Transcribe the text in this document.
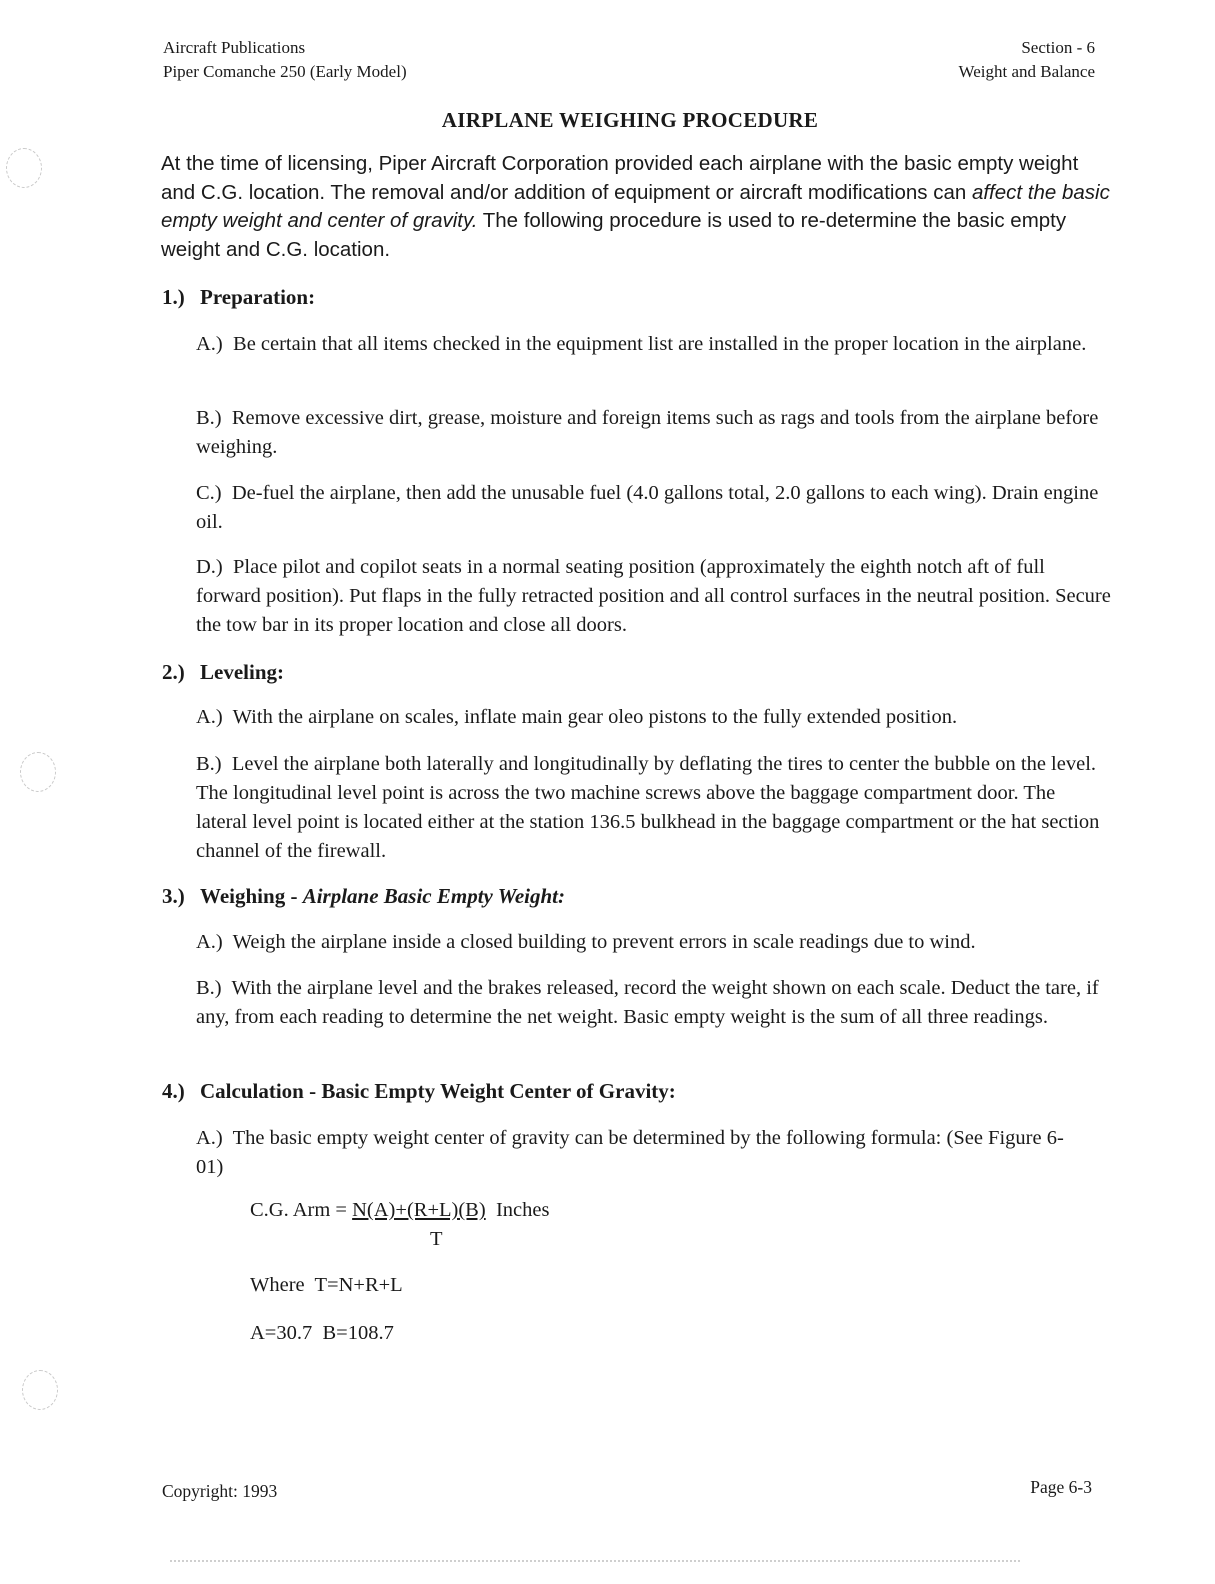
Aircraft Publications
Piper Comanche 250 (Early Model)
Section - 6
Weight and Balance
AIRPLANE WEIGHING PROCEDURE
At the time of licensing, Piper Aircraft Corporation provided each airplane with the basic empty weight and C.G. location. The removal and/or addition of equipment or aircraft modifications can affect the basic empty weight and center of gravity. The following procedure is used to re-determine the basic empty weight and C.G. location.
1.) Preparation:
A.) Be certain that all items checked in the equipment list are installed in the proper location in the airplane.
B.) Remove excessive dirt, grease, moisture and foreign items such as rags and tools from the airplane before weighing.
C.) De-fuel the airplane, then add the unusable fuel (4.0 gallons total, 2.0 gallons to each wing). Drain engine oil.
D.) Place pilot and copilot seats in a normal seating position (approximately the eighth notch aft of full forward position). Put flaps in the fully retracted position and all control surfaces in the neutral position. Secure the tow bar in its proper location and close all doors.
2.) Leveling:
A.) With the airplane on scales, inflate main gear oleo pistons to the fully extended position.
B.) Level the airplane both laterally and longitudinally by deflating the tires to center the bubble on the level. The longitudinal level point is across the two machine screws above the baggage compartment door. The lateral level point is located either at the station 136.5 bulkhead in the baggage compartment or the hat section channel of the firewall.
3.) Weighing - Airplane Basic Empty Weight:
A.) Weigh the airplane inside a closed building to prevent errors in scale readings due to wind.
B.) With the airplane level and the brakes released, record the weight shown on each scale. Deduct the tare, if any, from each reading to determine the net weight. Basic empty weight is the sum of all three readings.
4.) Calculation - Basic Empty Weight Center of Gravity:
A.) The basic empty weight center of gravity can be determined by the following formula: (See Figure 6-01)
C.G. Arm = N(A)+(R+L)(B) Inches
T
Where  T=N+R+L
A=30.7  B=108.7
Copyright: 1993	Page 6-3
